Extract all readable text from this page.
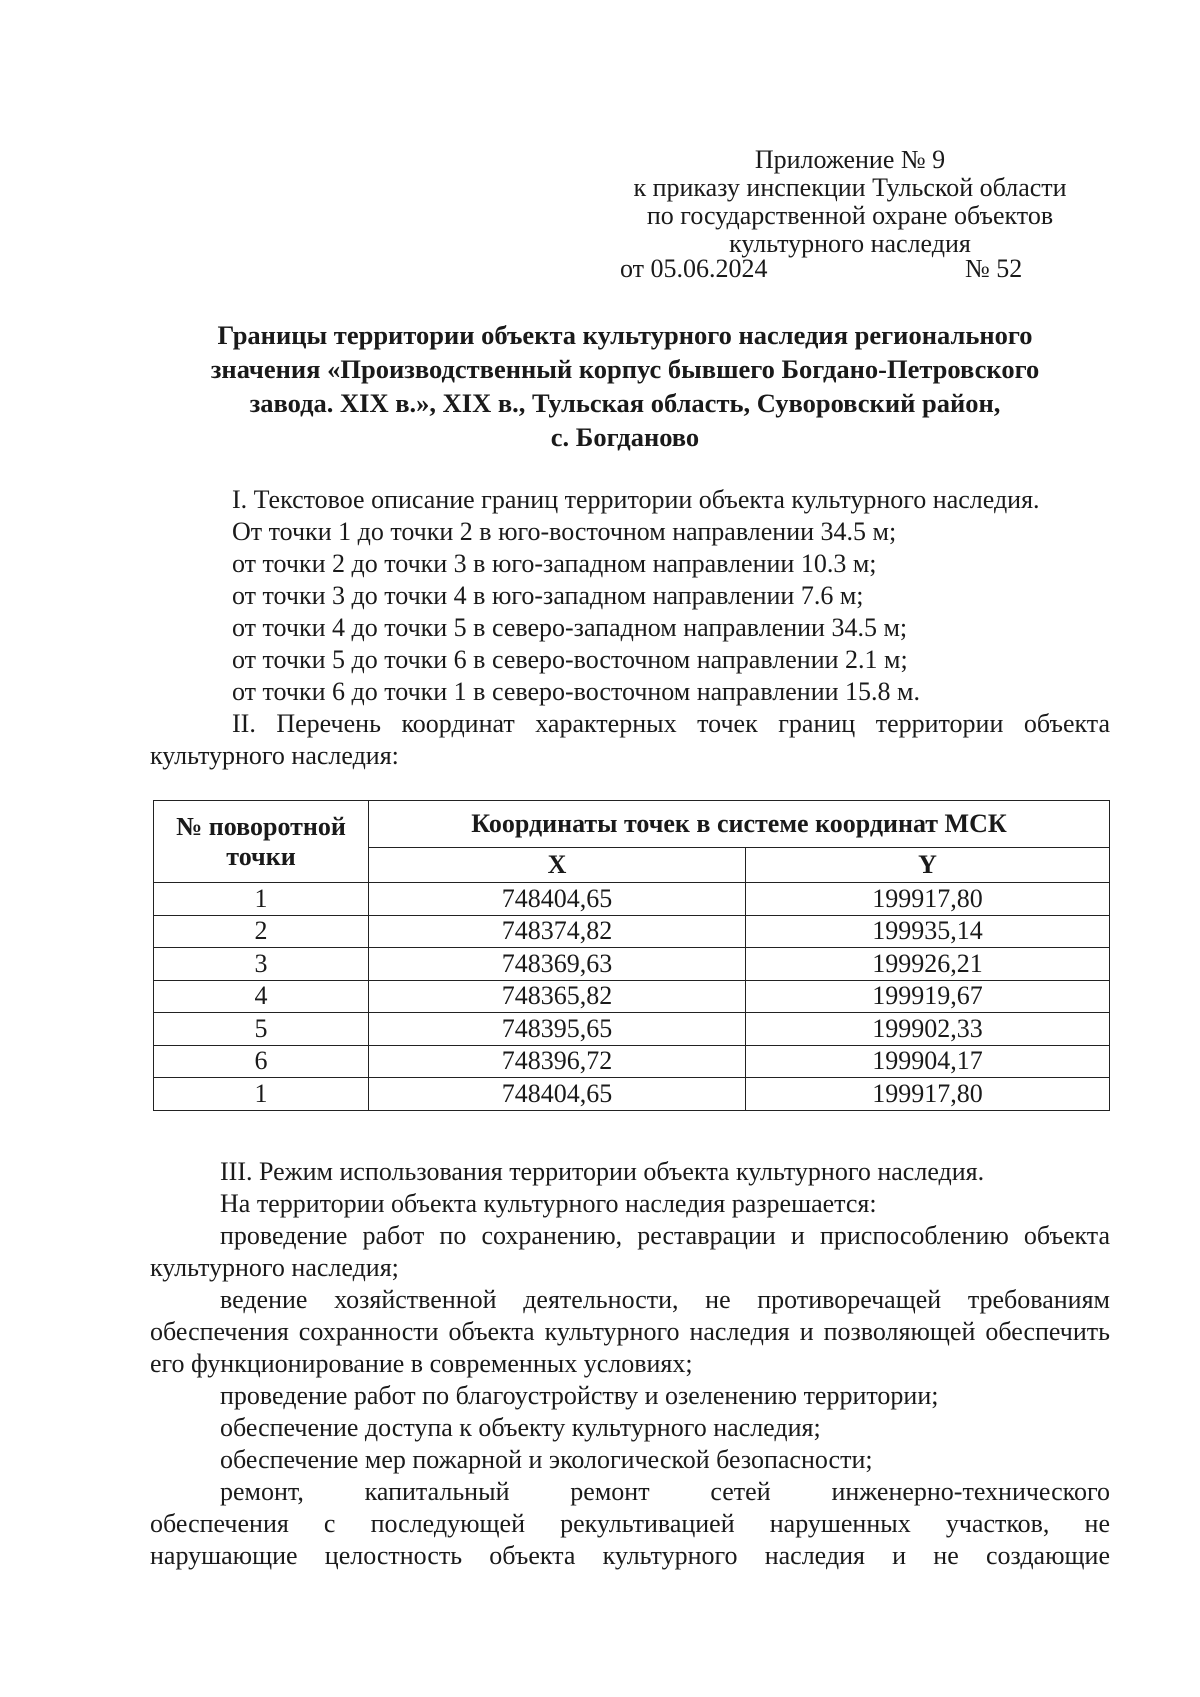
Приложение № 9
к приказу инспекции Тульской области
по государственной охране объектов
культурного наследия
от 05.06.2024	№ 52
Границы территории объекта культурного наследия регионального
значения «Производственный корпус бывшего Богдано-Петровского
завода. XIX в.», XIX в., Тульская область, Суворовский район,
с. Богданово
I. Текстовое описание границ территории объекта культурного наследия.
От точки 1 до точки 2 в юго-восточном направлении 34.5 м;
от точки 2 до точки 3 в юго-западном направлении 10.3 м;
от точки 3 до точки 4 в юго-западном направлении 7.6 м;
от точки 4 до точки 5 в северо-западном направлении 34.5 м;
от точки 5 до точки 6 в северо-восточном направлении 2.1 м;
от точки 6 до точки 1 в северо-восточном направлении 15.8 м.
II. Перечень координат характерных точек границ территории объекта культурного наследия:
№ поворотной
точки	Координаты точек в системе координат МСК	
	X	Y
1	748404,65	199917,80
2	748374,82	199935,14
3	748369,63	199926,21
4	748365,82	199919,67
5	748395,65	199902,33
6	748396,72	199904,17
1	748404,65	199917,80
III. Режим использования территории объекта культурного наследия.
На территории объекта культурного наследия разрешается:
проведение работ по сохранению, реставрации и приспособлению объекта культурного наследия;
ведение хозяйственной деятельности, не противоречащей требованиям обеспечения сохранности объекта культурного наследия и позволяющей обеспечить его функционирование в современных условиях;
проведение работ по благоустройству и озеленению территории;
обеспечение доступа к объекту культурного наследия;
обеспечение мер пожарной и экологической безопасности;
ремонт, капитальный ремонт сетей инженерно-технического
обеспечения с последующей рекультивацией нарушенных участков, не
нарушающие целостность объекта культурного наследия и не создающие
